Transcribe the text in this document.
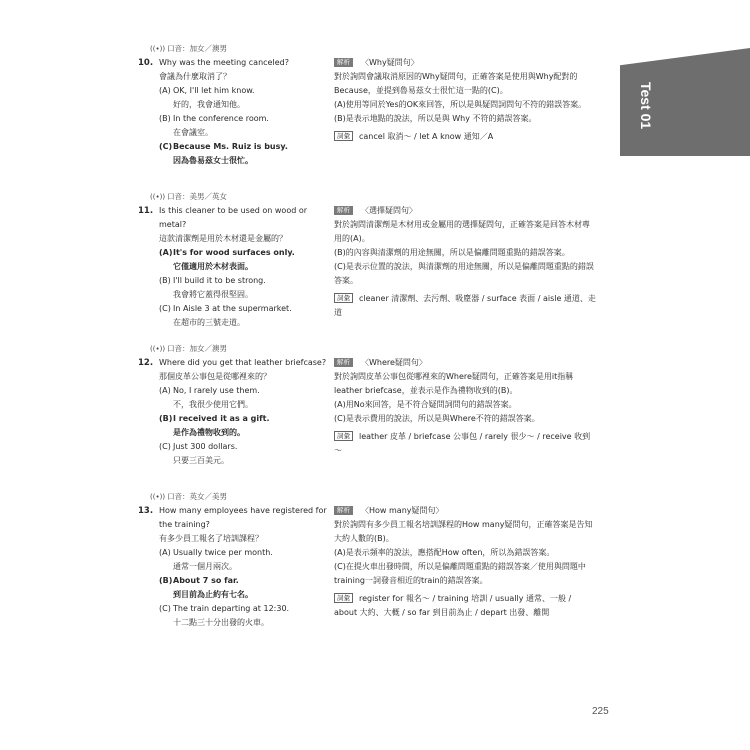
Test 01
((•)) 口音：加女／澳男
10. Why was the meeting canceled?
會議為什麼取消了？
(A) OK, I'll let him know.
好的，我會通知他。
(B) In the conference room.
在會議室。
(C) Because Ms. Ruiz is busy.
因為魯易茲女士很忙。
解析 〈Why疑問句〉
對於詢問會議取消原因的Why疑問句，正確答案是使用與Why配對的Because，並提到魯易茲女士很忙這一點的(C)。
(A)使用等同於Yes的OK來回答，所以是與疑問詞問句不符的錯誤答案。
(B)是表示地點的說法，所以是與 Why 不符的錯誤答案。
詞彙 cancel 取消～ / let A know 通知／A
((•)) 口音：美男／英女
11. Is this cleaner to be used on wood or metal?
這款清潔劑是用於木材還是金屬的？
(A) It's for wood surfaces only.
它僅適用於木材表面。
(B) I'll build it to be strong.
我會將它蓋得很堅固。
(C) In Aisle 3 at the supermarket.
在超市的三號走道。
解析 〈選擇疑問句〉
對於詢問清潔劑是木材用或金屬用的選擇疑問句，正確答案是回答木材專用的(A)。
(B)的內容與清潔劑的用途無關，所以是偏離問題重點的錯誤答案。
(C)是表示位置的說法，與清潔劑的用途無關，所以是偏離問題重點的錯誤答案。
詞彙 cleaner 清潔劑、去污劑、吸塵器 / surface 表面 / aisle 通道、走道
((•)) 口音：加女／澳男
12. Where did you get that leather briefcase?
那個皮革公事包是從哪裡來的？
(A) No, I rarely use them.
不，我很少使用它們。
(B) I received it as a gift.
是作為禮物收到的。
(C) Just 300 dollars.
只要三百美元。
解析 〈Where疑問句〉
對於詢問皮革公事包從哪裡來的Where疑問句，正確答案是用it指稱leather briefcase，並表示是作為禮物收到的(B)。
(A)用No來回答，是不符合疑問詞問句的錯誤答案。
(C)是表示費用的說法，所以是與Where不符的錯誤答案。
詞彙 leather 皮革 / briefcase 公事包 / rarely 很少～ / receive 收到～
((•)) 口音：英女／美男
13. How many employees have registered for the training?
有多少員工報名了培訓課程？
(A) Usually twice per month.
通常一個月兩次。
(B) About 7 so far.
到目前為止約有七名。
(C) The train departing at 12:30.
十二點三十分出發的火車。
解析 〈How many疑問句〉
對於詢問有多少員工報名培訓課程的How many疑問句，正確答案是告知大約人數的(B)。
(A)是表示頻率的說法，應搭配How often，所以為錯誤答案。
(C)在提火車出發時間，所以是偏離問題重點的錯誤答案／使用與問題中training一詞發音相近的train的錯誤答案。
詞彙 register for 報名～ / training 培訓 / usually 通常、一般 / about 大約、大概 / so far 到目前為止 / depart 出發、離開
225
